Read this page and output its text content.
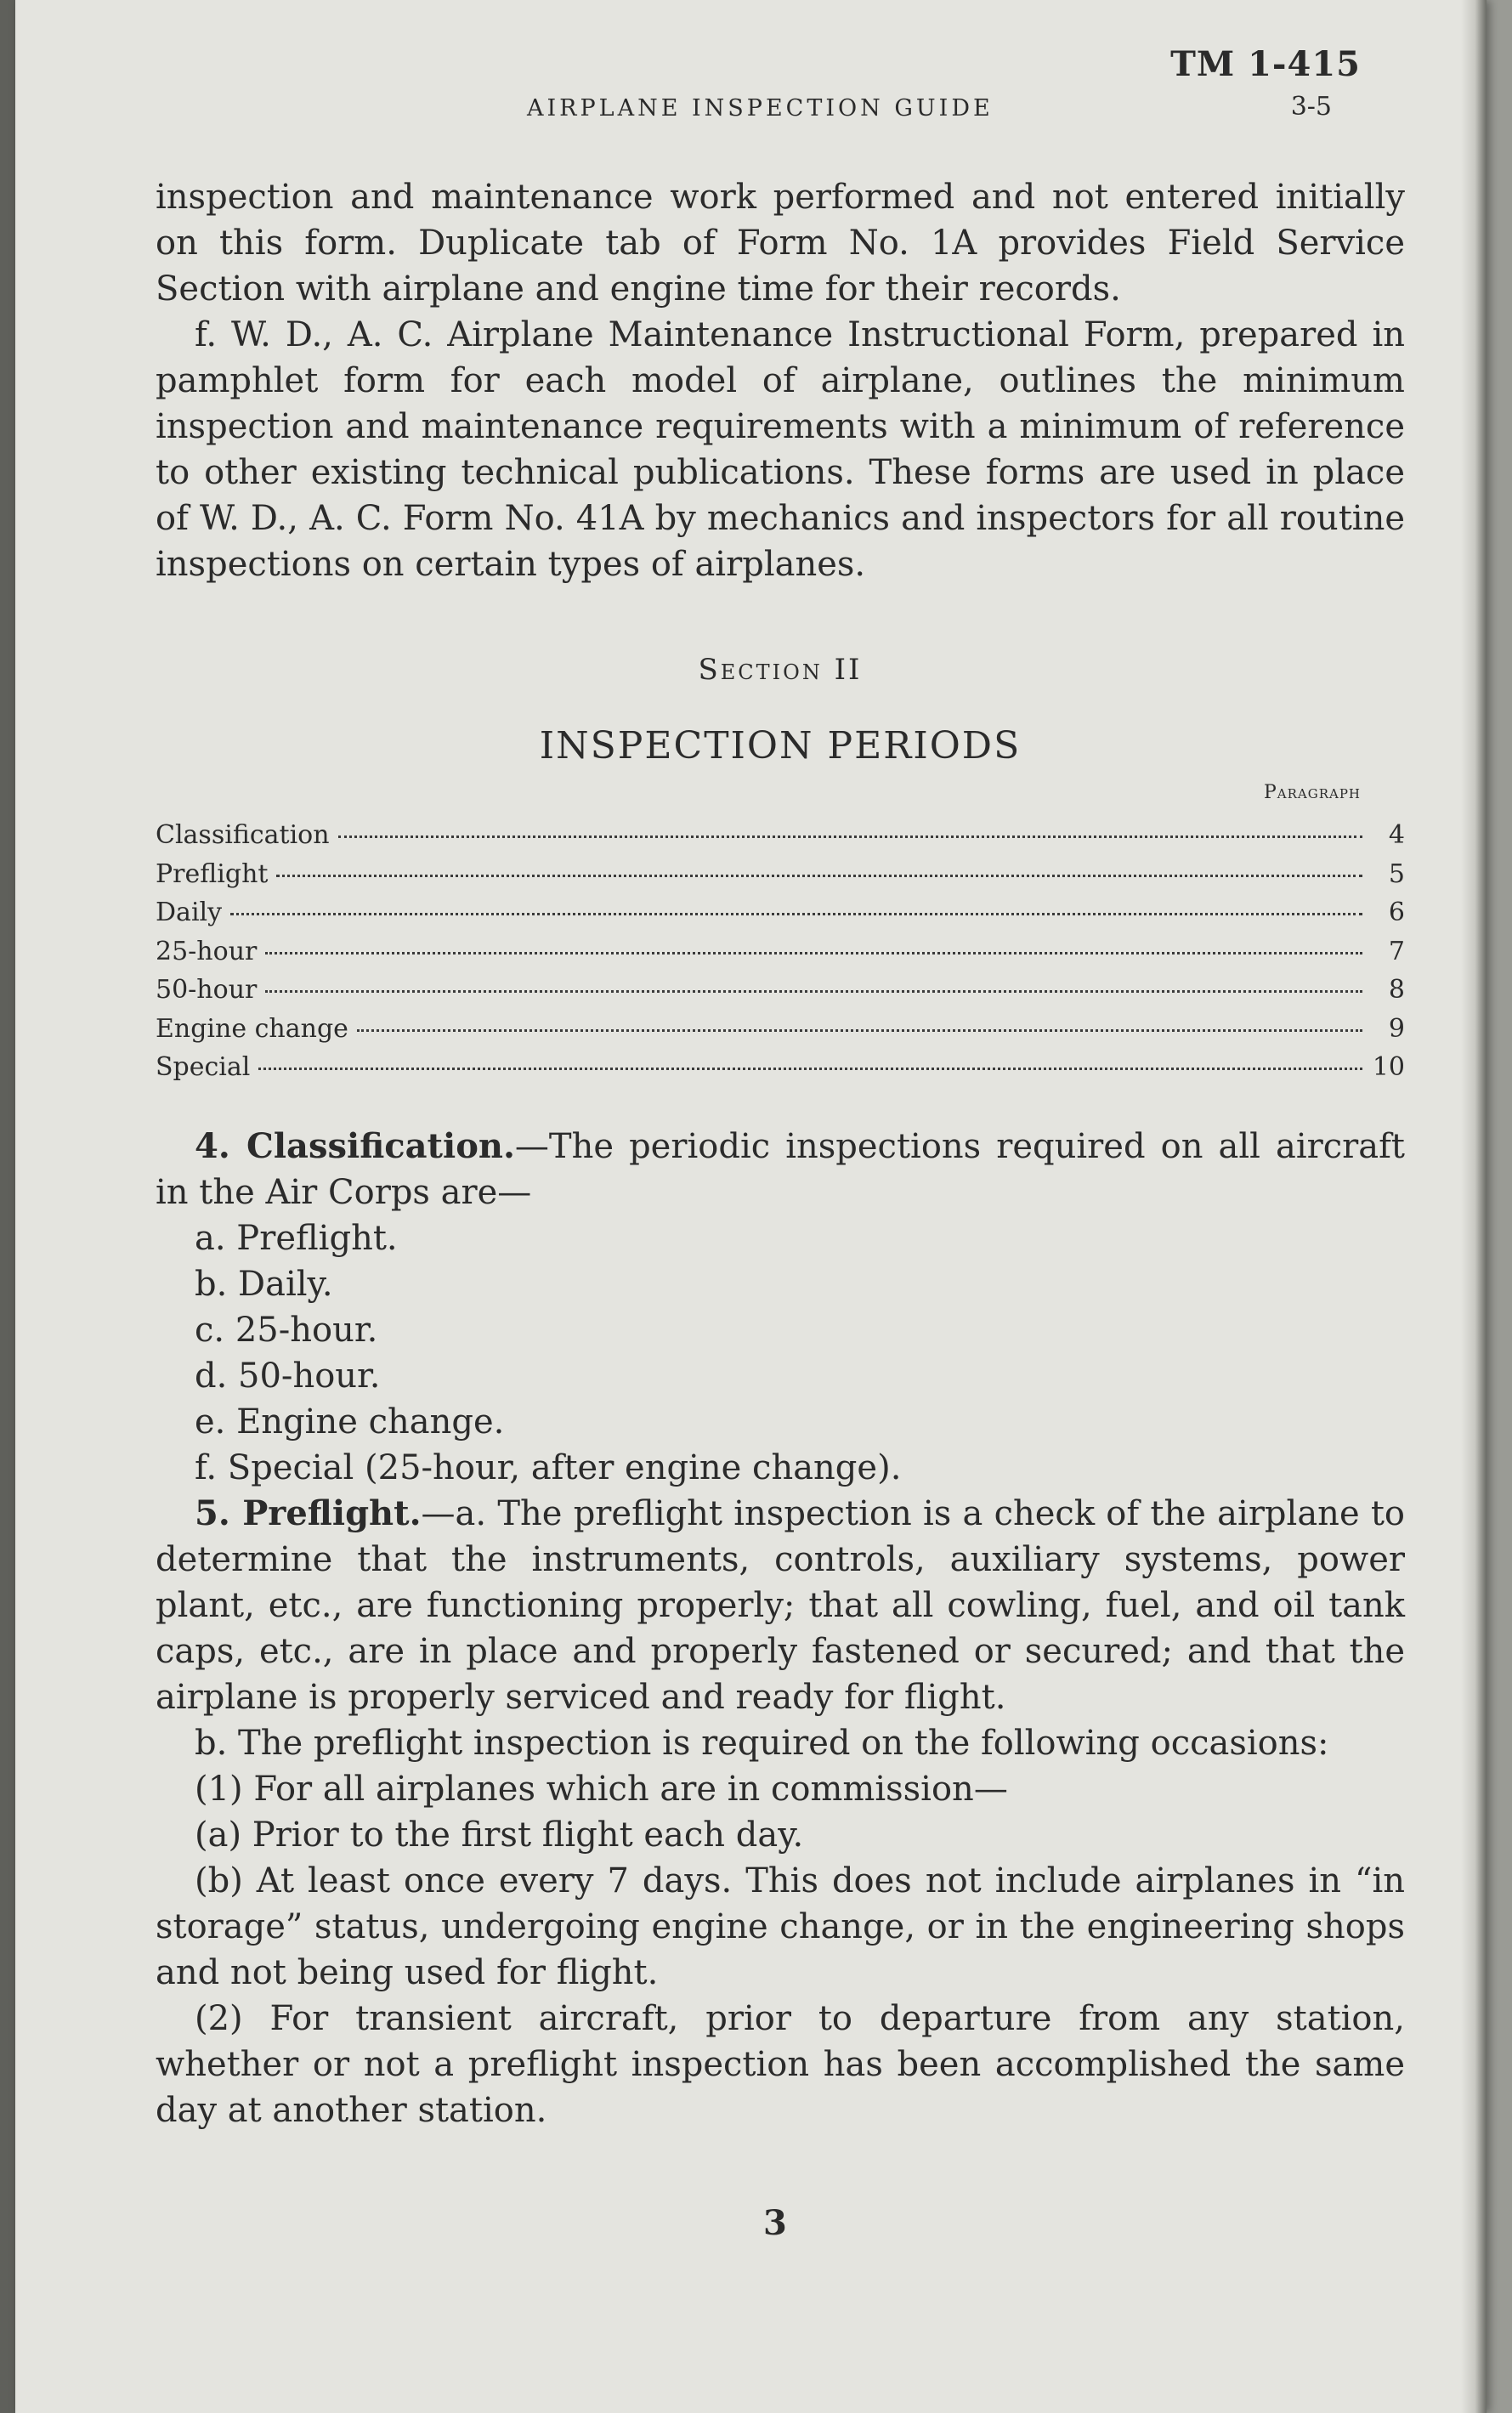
TM 1-415
AIRPLANE INSPECTION GUIDE	3-5

inspection and maintenance work performed and not entered initially on this form. Duplicate tab of Form No. 1A provides Field Service Section with airplane and engine time for their records.

f. W. D., A. C. Airplane Maintenance Instructional Form, prepared in pamphlet form for each model of airplane, outlines the minimum inspection and maintenance requirements with a minimum of reference to other existing technical publications. These forms are used in place of W. D., A. C. Form No. 41A by mechanics and inspectors for all routine inspections on certain types of airplanes.

Section II
INSPECTION PERIODS
Paragraph
Classification	4
Preflight	5
Daily	6
25-hour	7
50-hour	8
Engine change	9
Special	10

4. Classification.—The periodic inspections required on all aircraft in the Air Corps are—

a. Preflight.

b. Daily.

c. 25-hour.

d. 50-hour.

e. Engine change.

f. Special (25-hour, after engine change).

5. Preflight.—a. The preflight inspection is a check of the airplane to determine that the instruments, controls, auxiliary systems, power plant, etc., are functioning properly; that all cowling, fuel, and oil tank caps, etc., are in place and properly fastened or secured; and that the airplane is properly serviced and ready for flight.

b. The preflight inspection is required on the following occasions:

(1) For all airplanes which are in commission—

(a) Prior to the first flight each day.

(b) At least once every 7 days. This does not include airplanes in “in storage” status, undergoing engine change, or in the engineering shops and not being used for flight.

(2) For transient aircraft, prior to departure from any station, whether or not a preflight inspection has been accomplished the same day at another station.

3
